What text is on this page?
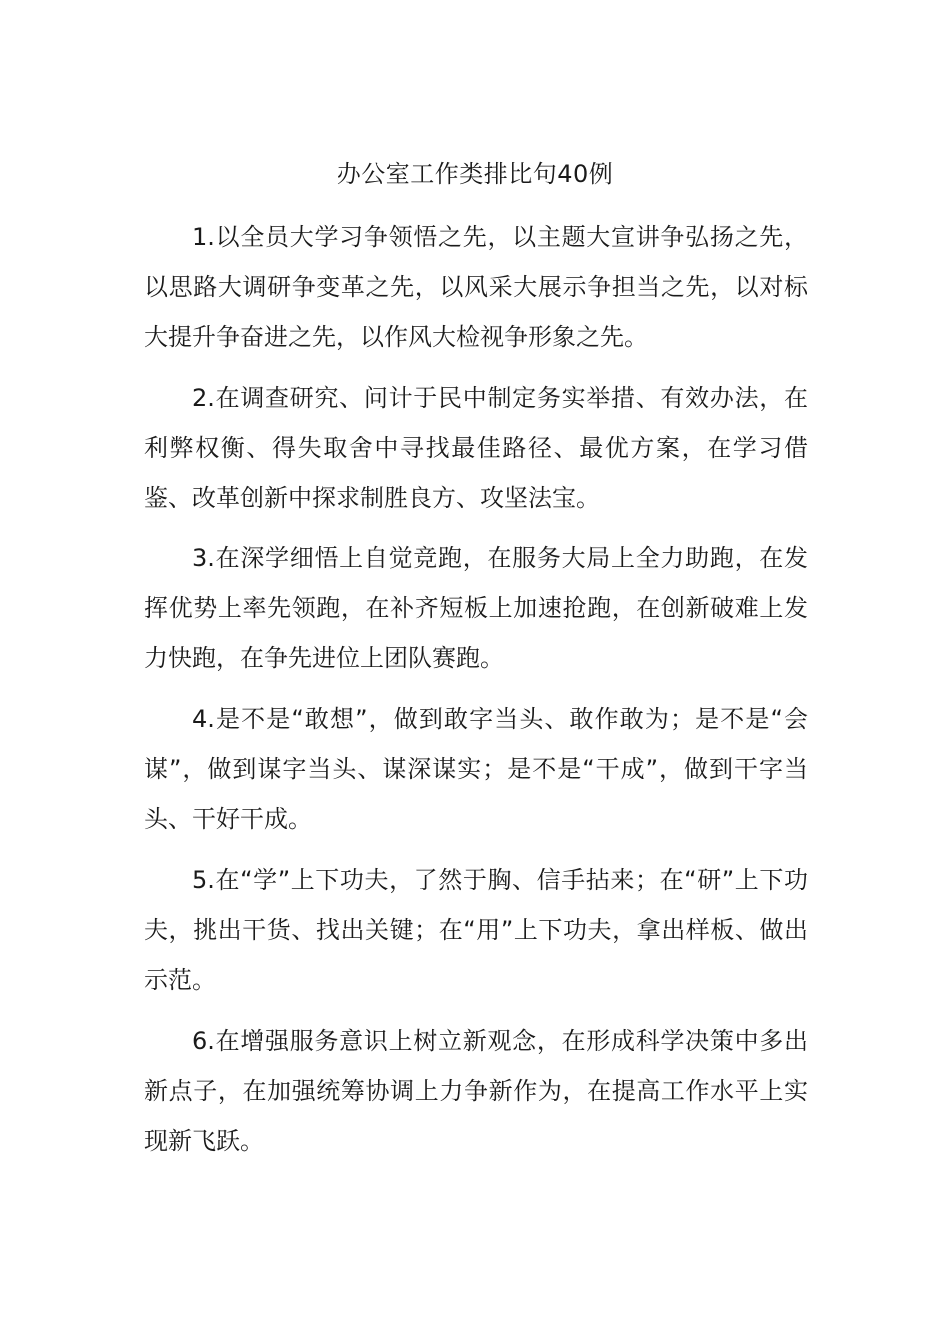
办公室工作类排比句40例

1.以全员大学习争领悟之先，以主题大宣讲争弘扬之先，以思路大调研争变革之先，以风采大展示争担当之先，以对标大提升争奋进之先，以作风大检视争形象之先。

2.在调查研究、问计于民中制定务实举措、有效办法，在利弊权衡、得失取舍中寻找最佳路径、最优方案，在学习借鉴、改革创新中探求制胜良方、攻坚法宝。

3.在深学细悟上自觉竞跑，在服务大局上全力助跑，在发挥优势上率先领跑，在补齐短板上加速抢跑，在创新破难上发力快跑，在争先进位上团队赛跑。

4.是不是“敢想”，做到敢字当头、敢作敢为；是不是“会谋”，做到谋字当头、谋深谋实；是不是“干成”，做到干字当头、干好干成。

5.在“学”上下功夫，了然于胸、信手拈来；在“研”上下功夫，挑出干货、找出关键；在“用”上下功夫，拿出样板、做出示范。

6.在增强服务意识上树立新观念，在形成科学决策中多出新点子，在加强统筹协调上力争新作为，在提高工作水平上实现新飞跃。
